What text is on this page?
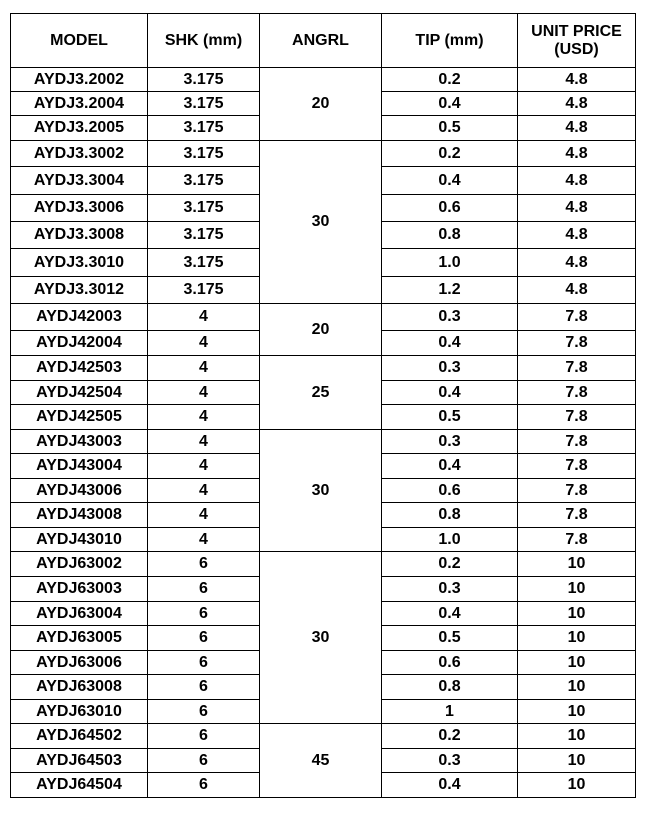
MODEL	SHK (mm)	ANGRL	TIP (mm)	UNIT PRICE
(USD)
AYDJ3.2002	3.175	20	0.2	4.8
AYDJ3.2004	3.175		0.4	4.8
AYDJ3.2005	3.175		0.5	4.8
AYDJ3.3002	3.175	30	0.2	4.8
AYDJ3.3004	3.175		0.4	4.8
AYDJ3.3006	3.175		0.6	4.8
AYDJ3.3008	3.175		0.8	4.8
AYDJ3.3010	3.175		1.0	4.8
AYDJ3.3012	3.175		1.2	4.8
AYDJ42003	4	20	0.3	7.8
AYDJ42004	4		0.4	7.8
AYDJ42503	4	25	0.3	7.8
AYDJ42504	4		0.4	7.8
AYDJ42505	4		0.5	7.8
AYDJ43003	4	30	0.3	7.8
AYDJ43004	4		0.4	7.8
AYDJ43006	4		0.6	7.8
AYDJ43008	4		0.8	7.8
AYDJ43010	4		1.0	7.8
AYDJ63002	6	30	0.2	10
AYDJ63003	6		0.3	10
AYDJ63004	6		0.4	10
AYDJ63005	6		0.5	10
AYDJ63006	6		0.6	10
AYDJ63008	6		0.8	10
AYDJ63010	6		1	10
AYDJ64502	6	45	0.2	10
AYDJ64503	6		0.3	10
AYDJ64504	6		0.4	10
